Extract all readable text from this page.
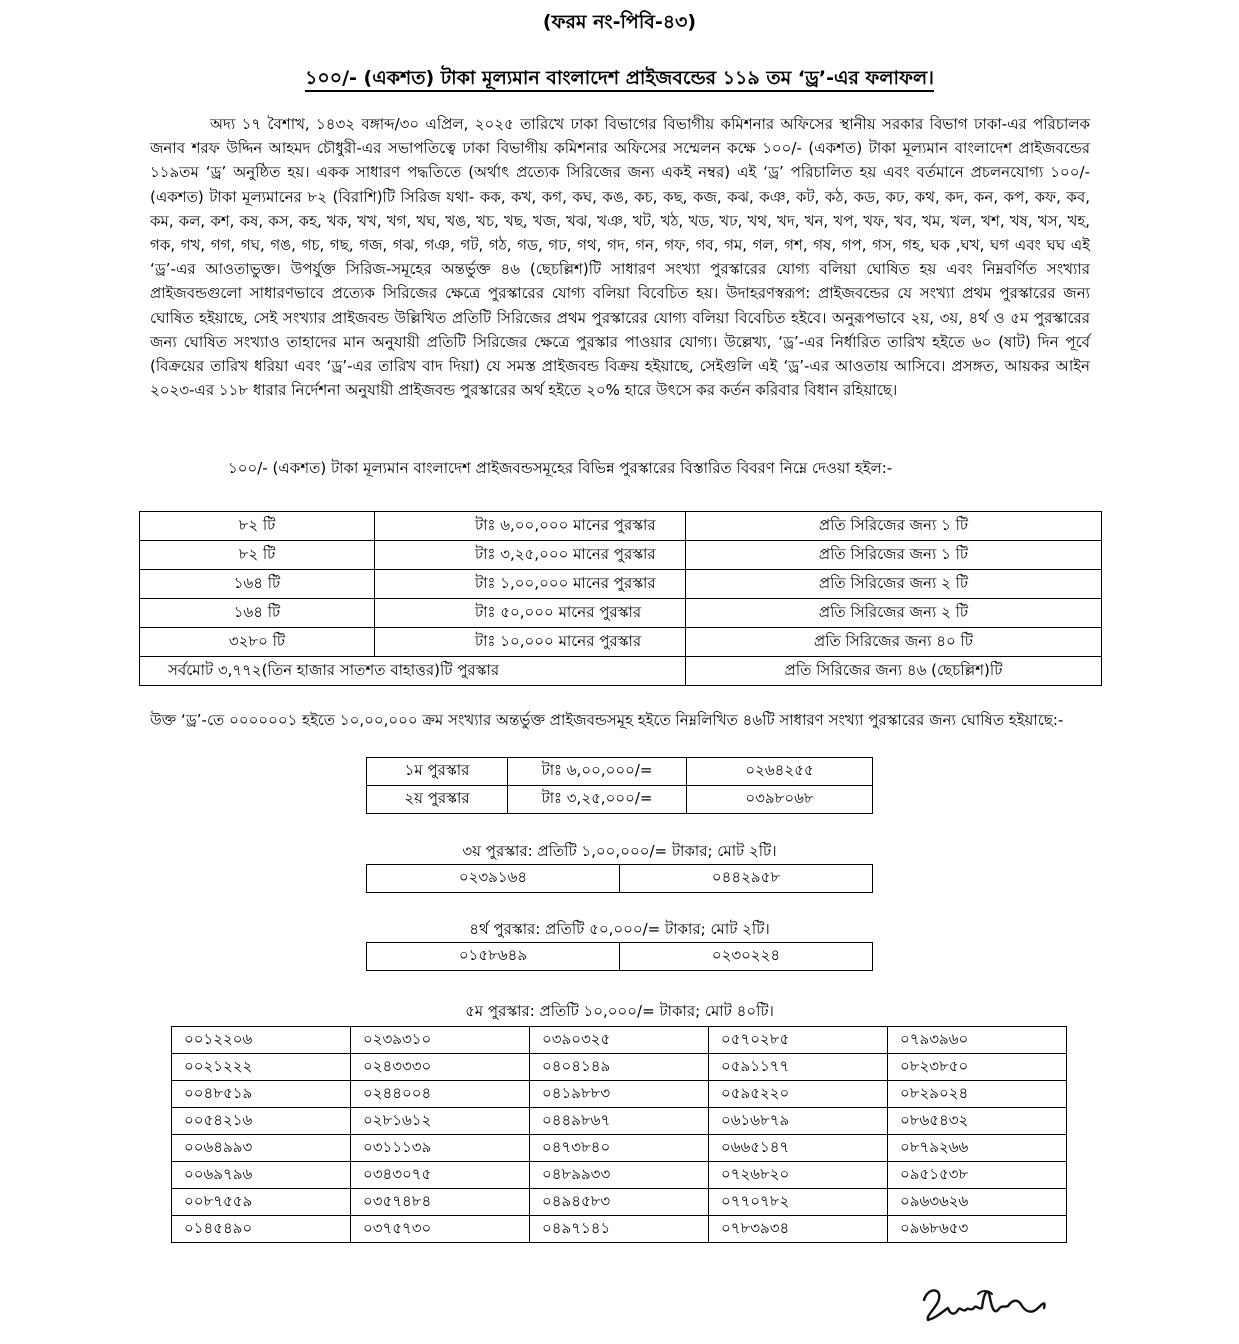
(ফরম নং-পিবি-৪৩)
১০০/- (একশত) টাকা মূল্যমান বাংলাদেশ প্রাইজবন্ডের ১১৯ তম ‘ড্র’-এর ফলাফল।

অদ্য ১৭ বৈশাখ, ১৪৩২ বঙ্গাব্দ/৩০ এপ্রিল, ২০২৫ তারিখে ঢাকা বিভাগের বিভাগীয় কমিশনার অফিসের স্থানীয় সরকার বিভাগ ঢাকা-এর পরিচালক জনাব শরফ উদ্দিন আহমদ চৌধুরী-এর সভাপতিত্বে ঢাকা বিভাগীয় কমিশনার অফিসের সম্মেলন কক্ষে ১০০/- (একশত) টাকা মূল্যমান বাংলাদেশ প্রাইজবন্ডের ১১৯তম ‘ড্র’ অনুষ্ঠিত হয়। একক সাধারণ পদ্ধতিতে (অর্থাৎ প্রত্যেক সিরিজের জন্য একই নম্বর) এই ‘ড্র’ পরিচালিত হয় এবং বর্তমানে প্রচলনযোগ্য ১০০/- (একশত) টাকা মূল্যমানের ৮২ (বিরাশি)টি সিরিজ যথা- কক, কখ, কগ, কঘ, কঙ, কচ, কছ, কজ, কঝ, কঞ, কট, কঠ, কড, কঢ, কথ, কদ, কন, কপ, কফ, কব, কম, কল, কশ, কষ, কস, কহ, খক, খখ, খগ, খঘ, খঙ, খচ, খছ, খজ, খঝ, খঞ, খট, খঠ, খড, খঢ, খথ, খদ, খন, খপ, খফ, খব, খম, খল, খশ, খষ, খস, খহ, গক, গখ, গগ, গঘ, গঙ, গচ, গছ, গজ, গঝ, গঞ, গট, গঠ, গড, গঢ, গথ, গদ, গন, গফ, গব, গম, গল, গশ, গষ, গপ, গস, গহ, ঘক ,ঘখ, ঘগ এবং ঘঘ এই ‘ড্র’-এর আওতাভুক্ত। উপর্যুক্ত সিরিজ-সমূহের অন্তর্ভুক্ত ৪৬ (ছেচল্লিশ)টি সাধারণ সংখ্যা পুরস্কারের যোগ্য বলিয়া ঘোষিত হয় এবং নিম্নবর্ণিত সংখ্যার প্রাইজবন্ডগুলো সাধারণভাবে প্রত্যেক সিরিজের ক্ষেত্রে পুরস্কারের যোগ্য বলিয়া বিবেচিত হয়। উদাহরণস্বরূপ: প্রাইজবন্ডের যে সংখ্যা প্রথম পুরস্কারের জন্য ঘোষিত হইয়াছে, সেই সংখ্যার প্রাইজবন্ড উল্লিখিত প্রতিটি সিরিজের প্রথম পুরস্কারের যোগ্য বলিয়া বিবেচিত হইবে। অনুরূপভাবে ২য়, ৩য়, ৪র্থ ও ৫ম পুরস্কারের জন্য ঘোষিত সংখ্যাও তাহাদের মান অনুযায়ী প্রতিটি সিরিজের ক্ষেত্রে পুরস্কার পাওয়ার যোগ্য। উল্লেখ্য, ‘ড্র’-এর নির্ধারিত তারিখ হইতে ৬০ (ষাট) দিন পূর্বে (বিক্রয়ের তারিখ ধরিয়া এবং ‘ড্র’-এর তারিখ বাদ দিয়া) যে সমস্ত প্রাইজবন্ড বিক্রয় হইয়াছে, সেইগুলি এই ‘ড্র’-এর আওতায় আসিবে। প্রসঙ্গত, আয়কর আইন ২০২৩-এর ১১৮ ধারার নির্দেশনা অনুযায়ী প্রাইজবন্ড পুরস্কারের অর্থ হইতে ২০% হারে উৎসে কর কর্তন করিবার বিধান রহিয়াছে।

১০০/- (একশত) টাকা মূল্যমান বাংলাদেশ প্রাইজবন্ডসমূহের বিভিন্ন পুরস্কারের বিস্তারিত বিবরণ নিম্নে দেওয়া হইল:-
৮২ টি	টাঃ ৬,০০,০০০ মানের পুরস্কার	প্রতি সিরিজের জন্য ১ টি
৮২ টি	টাঃ ৩,২৫,০০০ মানের পুরস্কার	প্রতি সিরিজের জন্য ১ টি
১৬৪ টি	টাঃ ১,০০,০০০ মানের পুরস্কার	প্রতি সিরিজের জন্য ২ টি
১৬৪ টি	টাঃ ৫০,০০০ মানের পুরস্কার	প্রতি সিরিজের জন্য ২ টি
৩২৮০ টি	টাঃ ১০,০০০ মানের পুরস্কার	প্রতি সিরিজের জন্য ৪০ টি
সর্বমোট ৩,৭৭২(তিন হাজার সাতশত বাহাত্তর)টি পুরস্কার		প্রতি সিরিজের জন্য ৪৬ (ছেচল্লিশ)টি

উক্ত ‘ড্র’-তে ০০০০০০১ হইতে ১০,০০,০০০ ক্রম সংখ্যার অন্তর্ভুক্ত প্রাইজবন্ডসমূহ হইতে নিম্নলিখিত ৪৬টি সাধারণ সংখ্যা পুরস্কারের জন্য ঘোষিত হইয়াছে:-

১ম পুরস্কার	টাঃ ৬,০০,০০০/=	০২৬৪২৫৫
২য় পুরস্কার	টাঃ ৩,২৫,০০০/=	০৩৯৮০৬৮
৩য় পুরস্কার: প্রতিটি ১,০০,০০০/= টাকার; মোট ২টি।
০২৩৯১৬৪	০৪৪২৯৫৮
৪র্থ পুরস্কার: প্রতিটি ৫০,০০০/= টাকার; মোট ২টি।
০১৫৮৬৪৯	০২৩০২২৪
৫ম পুরস্কার: প্রতিটি ১০,০০০/= টাকার; মোট ৪০টি।
০০১২২০৬	০২৩৯৩১০	০৩৯০৩২৫	০৫৭০২৮৫	০৭৯৩৯৬০
০০২১২২২	০২৪৩৩৩০	০৪০৪১৪৯	০৫৯১১৭৭	০৮২৩৮৫০
০০৪৮৫১৯	০২৪৪০০৪	০৪১৯৮৮৩	০৫৯৫২২০	০৮২৯০২৪
০০৫৪২১৬	০২৮১৬১২	০৪৪৯৮৬৭	০৬১৬৮৭৯	০৮৬৫৪৩২
০০৬৪৯৯৩	০৩১১১৩৯	০৪৭৩৮৪০	০৬৬৫১৪৭	০৮৭৯২৬৬
০০৬৯৭৯৬	০৩৪৩০৭৫	০৪৮৯৯৩৩	০৭২৬৮২০	০৯৫১৫৩৮
০০৮৭৫৫৯	০৩৫৭৪৮৪	০৪৯৪৫৮৩	০৭৭০৭৮২	০৯৬৩৬২৬
০১৪৫৪৯০	০৩৭৫৭৩০	০৪৯৭১৪১	০৭৮৩৯৩৪	০৯৬৮৬৫৩
